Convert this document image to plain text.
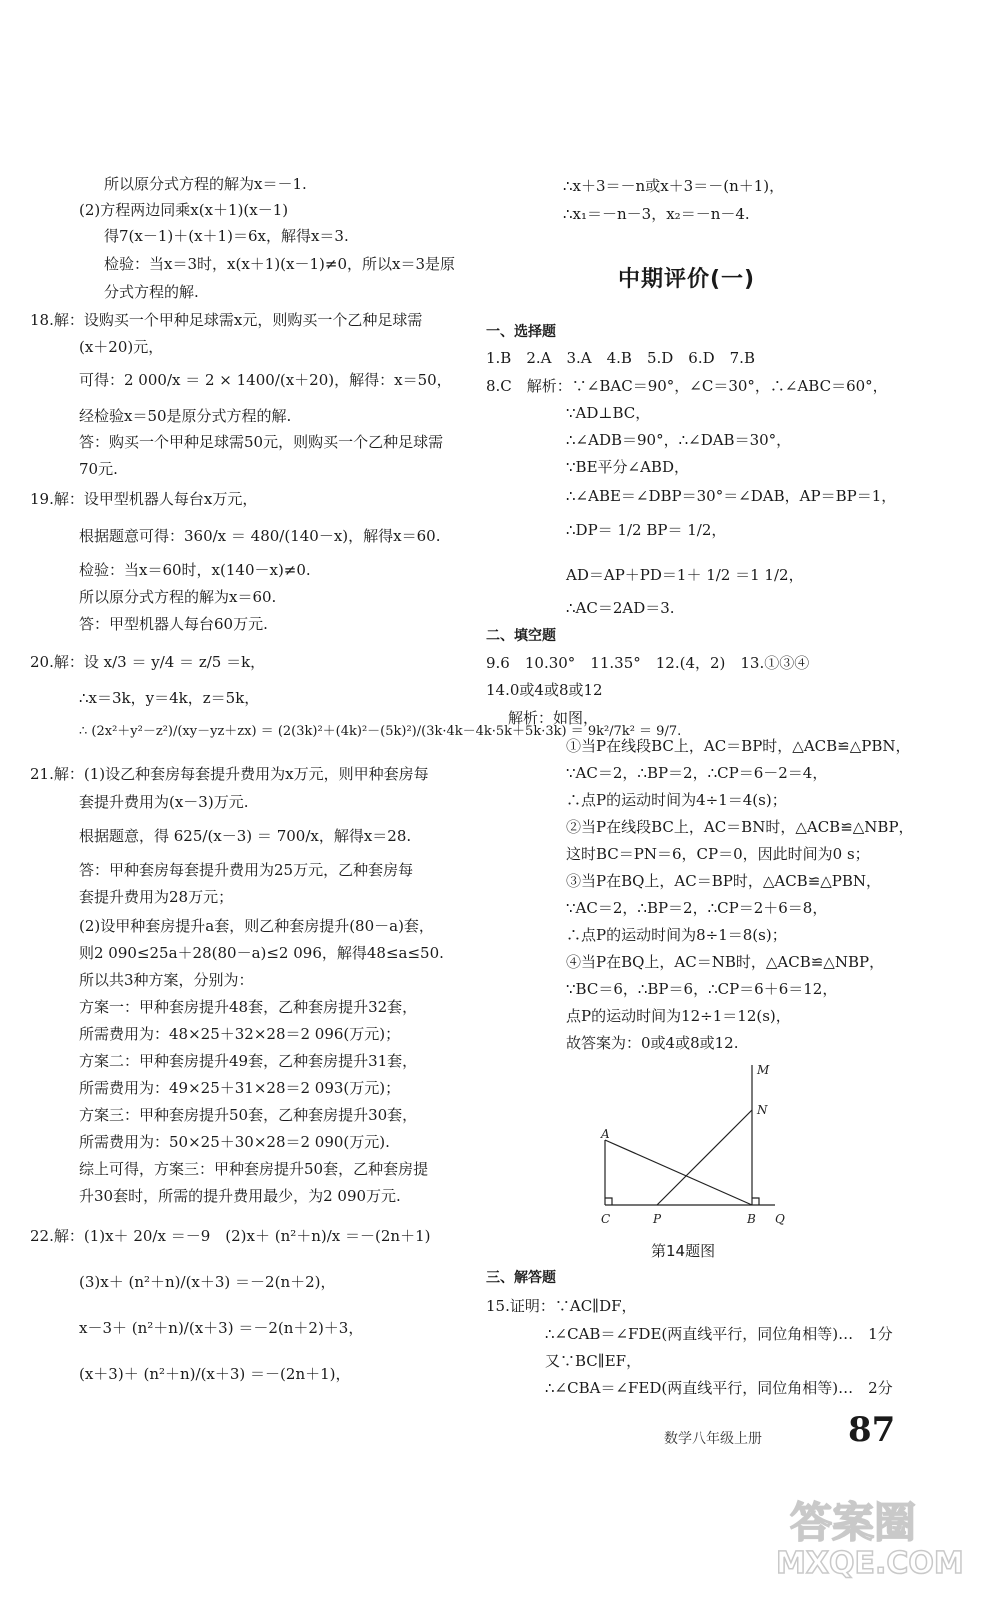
所以原分式方程的解为x＝－1.
(2)方程两边同乘x(x＋1)(x－1)
得7(x－1)＋(x＋1)＝6x，解得x＝3.
检验：当x＝3时，x(x＋1)(x－1)≠0，所以x＝3是原
分式方程的解.
18.解：设购买一个甲种足球需x元，则购买一个乙种足球需
(x＋20)元，
可得：2 000/x ＝ 2 × 1400/(x＋20)，解得：x＝50，
经检验x＝50是原分式方程的解.
答：购买一个甲种足球需50元，则购买一个乙种足球需
70元.
19.解：设甲型机器人每台x万元，
根据题意可得：360/x ＝ 480/(140－x)，解得x＝60.
检验：当x＝60时，x(140－x)≠0.
所以原分式方程的解为x＝60.
答：甲型机器人每台60万元.
20.解：设 x/3 ＝ y/4 ＝ z/5 ＝k，
∴x＝3k，y＝4k，z＝5k，
∴ (2x²＋y²－z²)/(xy－yz＋zx) ＝ (2(3k)²＋(4k)²－(5k)²)/(3k·4k－4k·5k＋5k·3k) ＝ 9k²/7k² ＝ 9/7.
21.解：(1)设乙种套房每套提升费用为x万元，则甲种套房每
套提升费用为(x－3)万元.
根据题意，得 625/(x－3) ＝ 700/x，解得x＝28.
答：甲种套房每套提升费用为25万元，乙种套房每
套提升费用为28万元；
(2)设甲种套房提升a套，则乙种套房提升(80－a)套，
则2 090≤25a＋28(80－a)≤2 096，解得48≤a≤50.
所以共3种方案，分别为：
方案一：甲种套房提升48套，乙种套房提升32套，
所需费用为：48×25＋32×28＝2 096(万元)；
方案二：甲种套房提升49套，乙种套房提升31套，
所需费用为：49×25＋31×28＝2 093(万元)；
方案三：甲种套房提升50套，乙种套房提升30套，
所需费用为：50×25＋30×28＝2 090(万元).
综上可得，方案三：甲种套房提升50套，乙种套房提
升30套时，所需的提升费用最少，为2 090万元.
22.解：(1)x＋ 20/x ＝－9　(2)x＋ (n²＋n)/x ＝－(2n＋1)
(3)x＋ (n²＋n)/(x＋3) ＝－2(n＋2)，
x－3＋ (n²＋n)/(x＋3) ＝－2(n＋2)＋3，
(x＋3)＋ (n²＋n)/(x＋3) ＝－(2n＋1)，
∴x＋3＝－n或x＋3＝－(n＋1)，
∴x₁＝－n－3，x₂＝－n－4.
中期评价(一)
一、选择题
1.B　2.A　3.A　4.B　5.D　6.D　7.B
8.C　解析：∵∠BAC＝90°，∠C＝30°，∴∠ABC＝60°，
∵AD⊥BC，
∴∠ADB＝90°，∴∠DAB＝30°，
∵BE平分∠ABD，
∴∠ABE＝∠DBP＝30°＝∠DAB，AP＝BP＝1，
∴DP＝ 1/2 BP＝ 1/2，
AD＝AP＋PD＝1＋ 1/2 ＝1 1/2，
∴AC＝2AD＝3.
二、填空题
9.6　10.30°　11.35°　12.(4，2)　13.①③④
14.0或4或8或12
解析：如图，
①当P在线段BC上，AC＝BP时，△ACB≌△PBN，
∵AC＝2，∴BP＝2，∴CP＝6－2＝4，
∴点P的运动时间为4÷1＝4(s)；
②当P在线段BC上，AC＝BN时，△ACB≌△NBP，
这时BC＝PN＝6，CP＝0，因此时间为0 s；
③当P在BQ上，AC＝BP时，△ACB≌△PBN，
∵AC＝2，∴BP＝2，∴CP＝2＋6＝8，
∴点P的运动时间为8÷1＝8(s)；
④当P在BQ上，AC＝NB时，△ACB≌△NBP，
∵BC＝6，∴BP＝6，∴CP＝6＋6＝12，
点P的运动时间为12÷1＝12(s)，
故答案为：0或4或8或12.
M
N
A
C	P	B Q
第14题图
三、解答题
15.证明：∵AC∥DF，
∴∠CAB＝∠FDE(两直线平行，同位角相等)…　1分
又∵BC∥EF，
∴∠CBA＝∠FED(两直线平行，同位角相等)…　2分
数学八年级上册	87
答案圈
MXQE.COM
